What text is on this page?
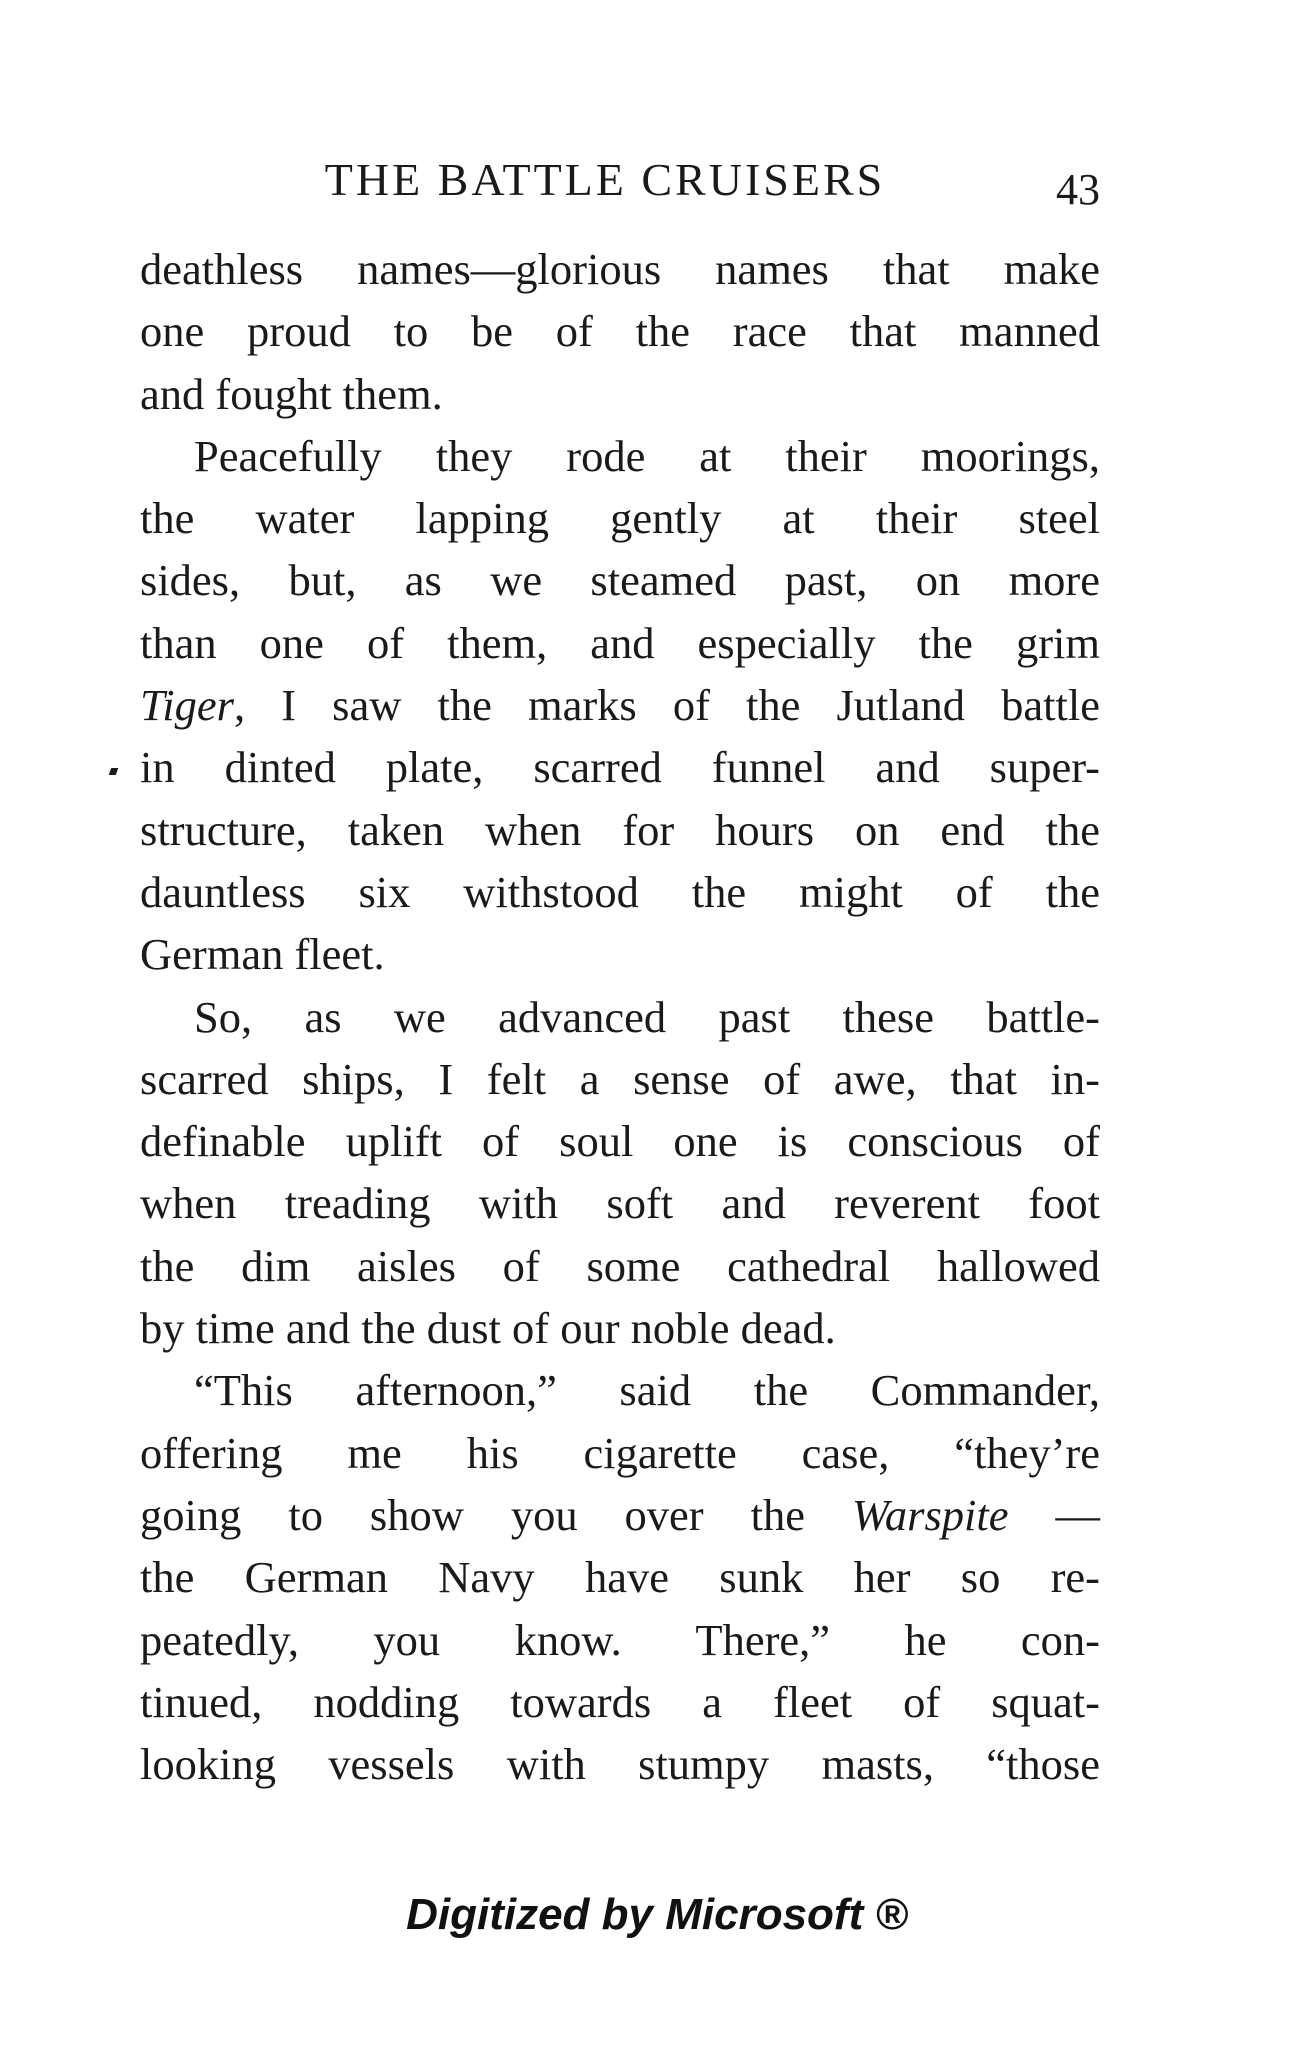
THE BATTLE CRUISERS	43

deathless names—glorious names that make
one proud to be of the race that manned
and fought them.

Peacefully they rode at their moorings,
the water lapping gently at their steel
sides, but, as we steamed past, on more
than one of them, and especially the grim
Tiger, I saw the marks of the Jutland battle
in dinted plate, scarred funnel and super-
structure, taken when for hours on end the
dauntless six withstood the might of the
German fleet.

So, as we advanced past these battle-
scarred ships, I felt a sense of awe, that in-
definable uplift of soul one is conscious of
when treading with soft and reverent foot
the dim aisles of some cathedral hallowed
by time and the dust of our noble dead.

“This afternoon,” said the Commander,
offering me his cigarette case, “they’re
going to show you over the Warspite —
the German Navy have sunk her so re-
peatedly, you know. There,” he con-
tinued, nodding towards a fleet of squat-
looking vessels with stumpy masts, “those

Digitized by Microsoft ®
